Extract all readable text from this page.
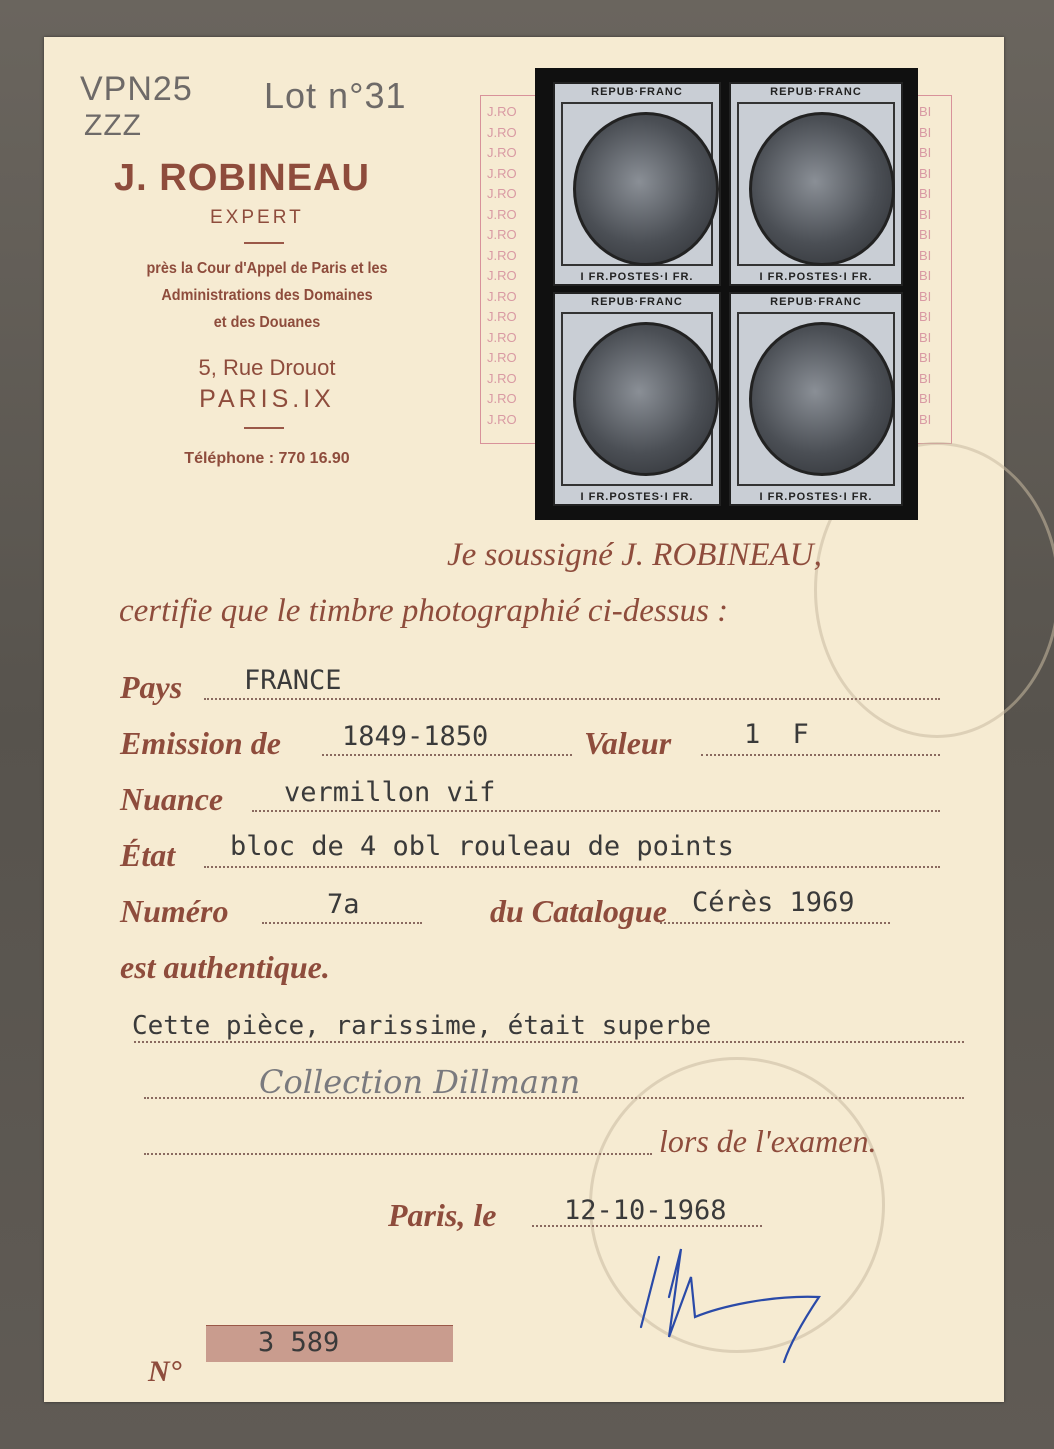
VPN25
ZZZ
Lot n°31
J. ROBINEAU
EXPERT
près la Cour d'Appel de Paris et les
Administrations des Domaines
et des Douanes
5, Rue Drouot
PARIS.IX
Téléphone : 770 16.90
J.RO
J.RO
J.RO
J.RO
J.RO
J.RO
J.RO
J.RO
J.RO
J.RO
J.RO
J.RO
J.RO
J.RO
J.RO
J.RO
BI
BI
BI
BI
BI
BI
BI
BI
BI
BI
BI
BI
BI
BI
BI
BI
REPUB·FRANC
I FR.POSTES·I FR.
REPUB·FRANC
I FR.POSTES·I FR.
REPUB·FRANC
I FR.POSTES·I FR.
REPUB·FRANC
I FR.POSTES·I FR.
Je soussigné J. ROBINEAU,
certifie que le timbre photographié ci-dessus :
Pays FRANCE
Emission de 1849-1850	Valeur	1 F
Nuance vermillon vif
État bloc de 4 obl rouleau de points
Numéro	7a	du Catalogue Cérès 1969
est authentique.
Cette pièce, rarissime, était superbe
Collection Dillmann
lors de l'examen.
Paris, le	12-10-1968
N°
3 589
